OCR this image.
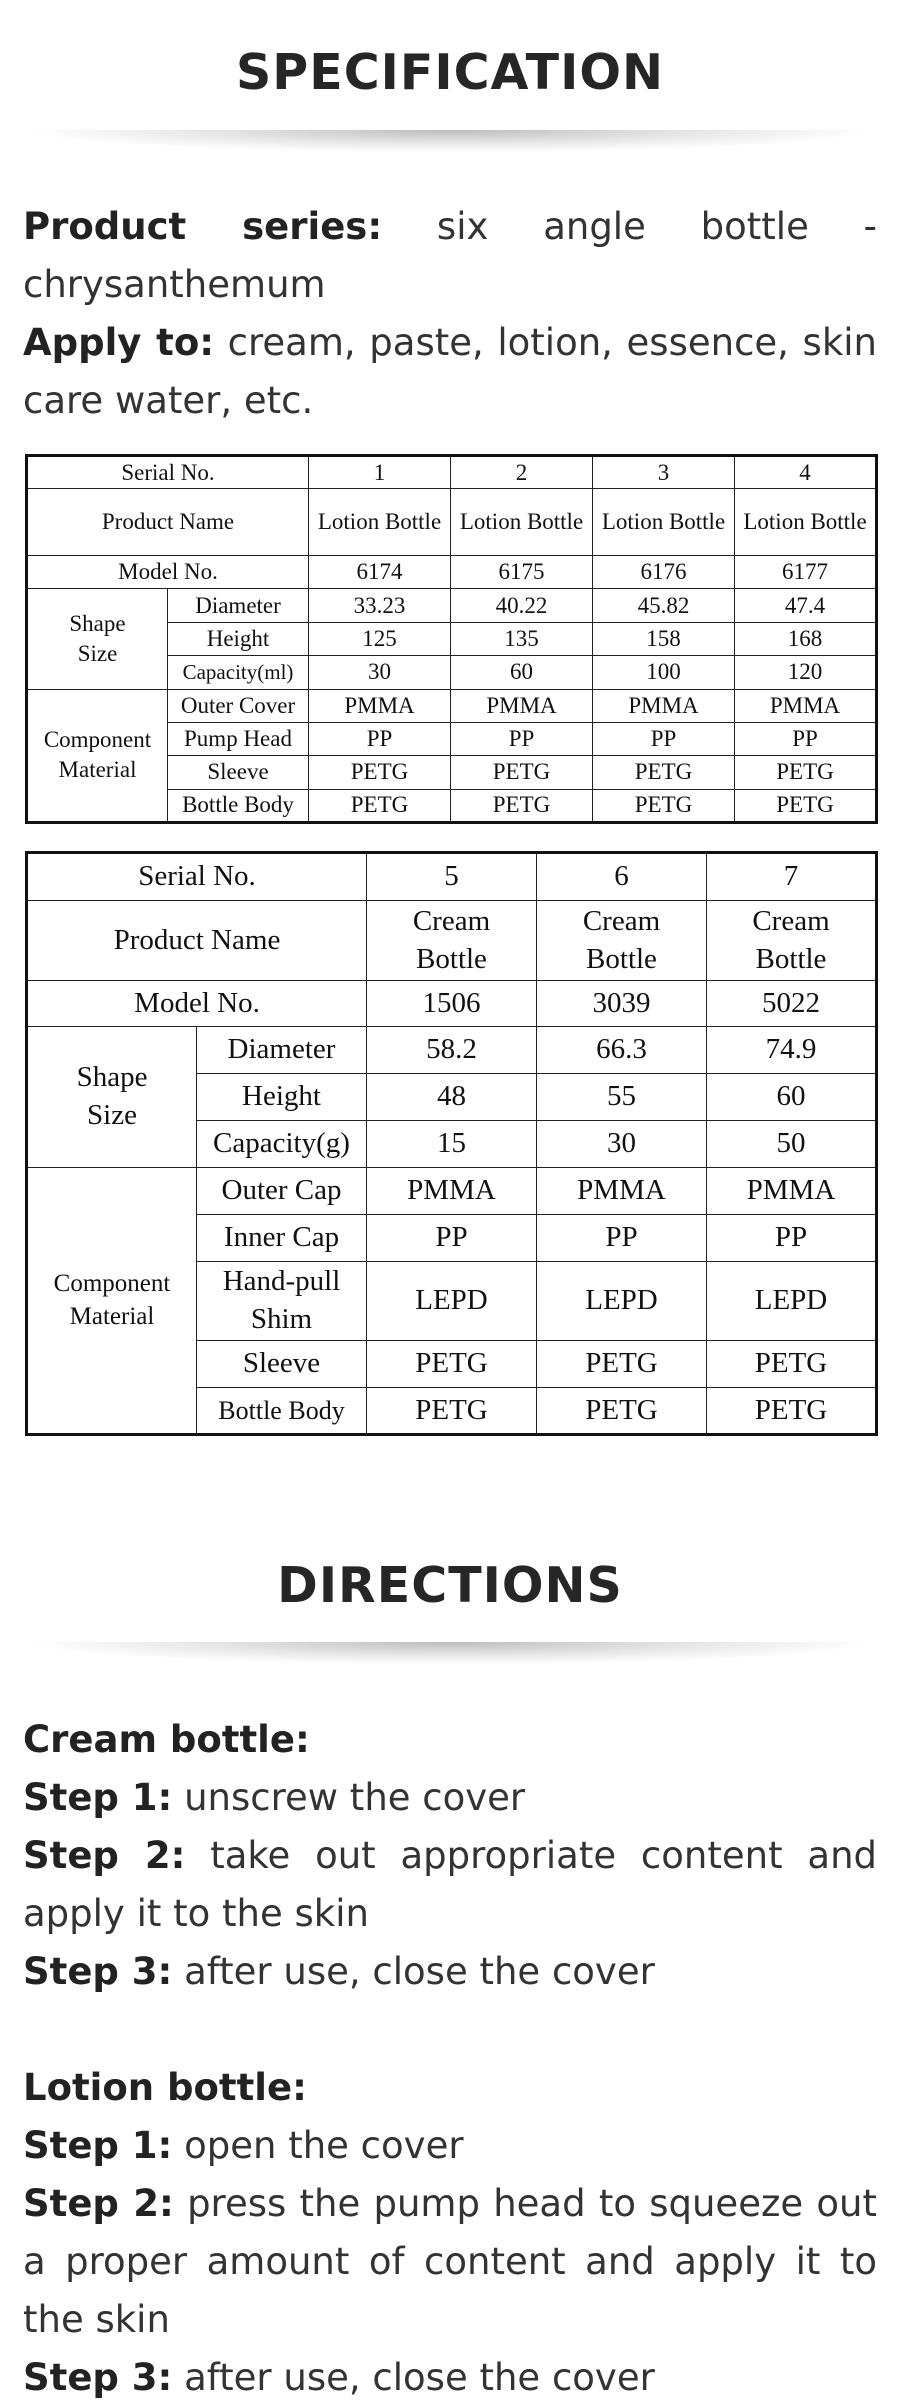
SPECIFICATION

Product series: six angle bottle - chrysanthemum

Apply to: cream, paste, lotion, essence, skin care water, etc.

Serial No.		1	2	3	4
Product Name		Lotion Bottle	Lotion Bottle	Lotion Bottle	Lotion Bottle
Model No.		6174	6175	6176	6177
Shape Size	Diameter	33.23	40.22	45.82	47.4
	Height	125	135	158	168
	Capacity(ml)	30	60	100	120
Component Material	Outer Cover	PMMA	PMMA	PMMA	PMMA
	Pump Head	PP	PP	PP	PP
	Sleeve	PETG	PETG	PETG	PETG
	Bottle Body	PETG	PETG	PETG	PETG
Serial No.		5	6	7
Product Name		Cream Bottle	Cream Bottle	Cream Bottle
Model No.		1506	3039	5022
Shape Size	Diameter	58.2	66.3	74.9
	Height	48	55	60
	Capacity(g)	15	30	50
Component Material	Outer Cap	PMMA	PMMA	PMMA
	Inner Cap	PP	PP	PP
	Hand-pull Shim	LEPD	LEPD	LEPD
	Sleeve	PETG	PETG	PETG
	Bottle Body	PETG	PETG	PETG
DIRECTIONS

Cream bottle:

Step 1: unscrew the cover

Step 2: take out appropriate content and apply it to the skin

Step 3: after use, close the cover

Lotion bottle:

Step 1: open the cover

Step 2: press the pump head to squeeze out a proper amount of content and apply it to the skin

Step 3: after use, close the cover
